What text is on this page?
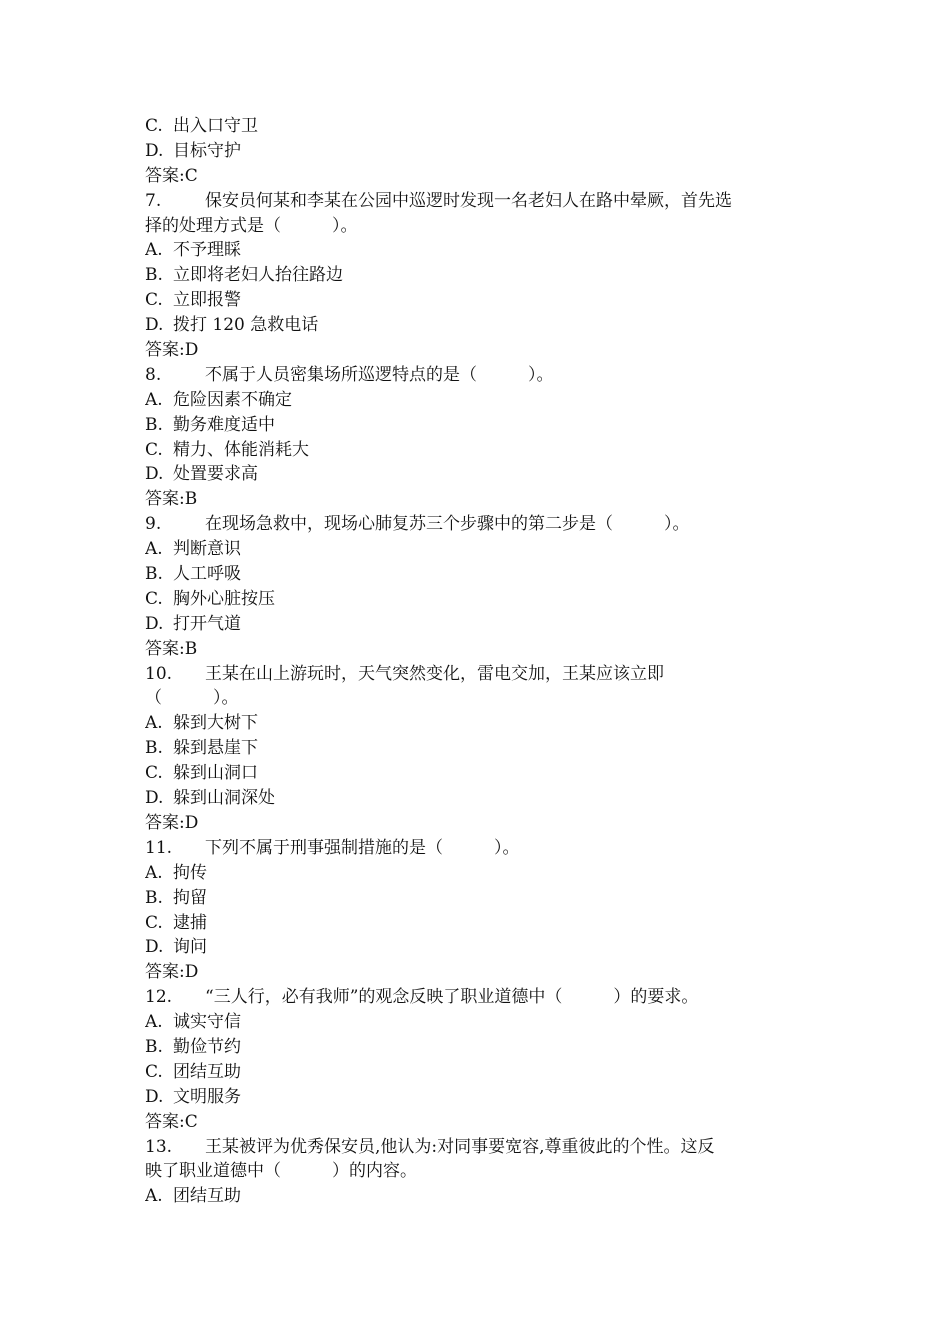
C. 出入口守卫
D. 目标守护
答案:C
7.	保安员何某和李某在公园中巡逻时发现一名老妇人在路中晕厥，首先选
择的处理方式是（　　　）。
A. 不予理睬
B. 立即将老妇人抬往路边
C. 立即报警
D. 拨打 120 急救电话
答案:D
8.	不属于人员密集场所巡逻特点的是（　　　）。
A. 危险因素不确定
B. 勤务难度适中
C. 精力、体能消耗大
D. 处置要求高
答案:B
9.	在现场急救中，现场心肺复苏三个步骤中的第二步是（　　　）。
A. 判断意识
B. 人工呼吸
C. 胸外心脏按压
D. 打开气道
答案:B
10. 王某在山上游玩时，天气突然变化，雷电交加，王某应该立即
（　　　）。
A. 躲到大树下
B. 躲到悬崖下
C. 躲到山洞口
D. 躲到山洞深处
答案:D
11. 下列不属于刑事强制措施的是（　　　）。
A. 拘传
B. 拘留
C. 逮捕
D. 询问
答案:D
12. “三人行，必有我师”的观念反映了职业道德中（　　　）的要求。
A. 诚实守信
B. 勤俭节约
C. 团结互助
D. 文明服务
答案:C
13. 王某被评为优秀保安员,他认为:对同事要宽容,尊重彼此的个性。这反
映了职业道德中（　　　）的内容。
A. 团结互助
